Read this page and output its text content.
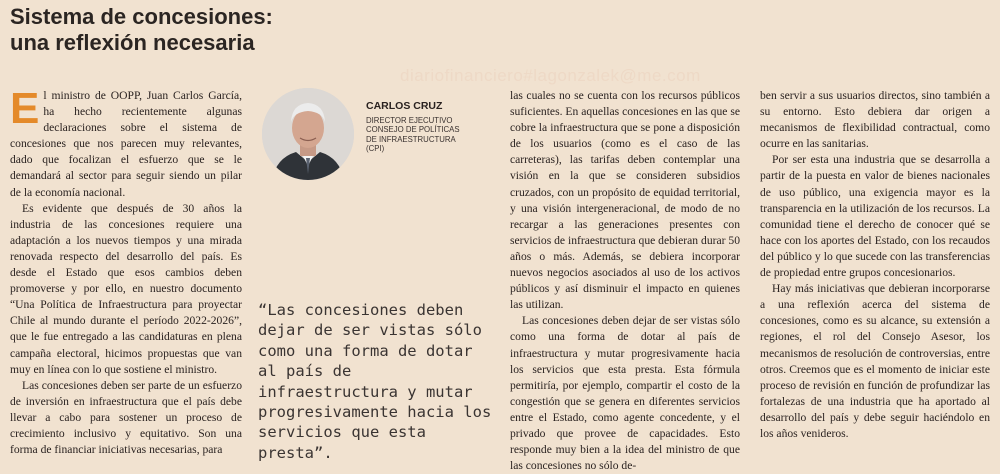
Sistema de concesiones:
una reflexión necesaria
diariofinanciero#lagonzalek@me.com

El ministro de OOPP, Juan Carlos García, ha hecho recientemente algunas declaraciones sobre el sistema de concesiones que nos parecen muy relevantes, dado que focalizan el esfuerzo que se le demandará al sector para seguir siendo un pilar de la economía nacional.

Es evidente que después de 30 años la industria de las concesiones requiere una adaptación a los nuevos tiempos y una mirada renovada respecto del desarrollo del país. Es desde el Estado que esos cambios deben promoverse y por ello, en nuestro documento “Una Política de Infraestructura para proyectar Chile al mundo durante el período 2022-2026”, que le fue entregado a las candidaturas en plena campaña electoral, hicimos propuestas que van muy en línea con lo que sostiene el ministro.

Las concesiones deben ser parte de un esfuerzo de inversión en infraestructura que el país debe llevar a cabo para sostener un proceso de crecimiento inclusivo y equitativo. Son una forma de financiar iniciativas necesarias, para

CARLOS CRUZ

DIRECTOR EJECUTIVO
CONSEJO DE POLÍTICAS
DE INFRAESTRUCTURA
(CPI)

“Las concesiones deben dejar de ser vistas sólo como una forma de dotar al país de infraestructura y mutar progresivamente hacia los servicios que esta presta”.

las cuales no se cuenta con los recursos públicos suficientes. En aquellas concesiones en las que se cobre la infraestructura que se pone a disposición de los usuarios (como es el caso de las carreteras), las tarifas deben contemplar una visión en la que se consideren subsidios cruzados, con un propósito de equidad territorial, y una visión intergeneracional, de modo de no recargar a las generaciones presentes con servicios de infraestructura que debieran durar 50 años o más. Además, se debiera incorporar nuevos negocios asociados al uso de los activos públicos y así disminuir el impacto en quienes las utilizan.

Las concesiones deben dejar de ser vistas sólo como una forma de dotar al país de infraestructura y mutar progresivamente hacia los servicios que esta presta. Esta fórmula permitiría, por ejemplo, compartir el costo de la congestión que se genera en diferentes servicios entre el Estado, como agente concedente, y el privado que provee de capacidades. Esto responde muy bien a la idea del ministro de que las concesiones no sólo de-

ben servir a sus usuarios directos, sino también a su entorno. Esto debiera dar origen a mecanismos de flexibilidad contractual, como ocurre en las sanitarias.

Por ser esta una industria que se desarrolla a partir de la puesta en valor de bienes nacionales de uso público, una exigencia mayor es la transparencia en la utilización de los recursos. La comunidad tiene el derecho de conocer qué se hace con los aportes del Estado, con los recaudos del público y lo que sucede con las transferencias de propiedad entre grupos concesionarios.

Hay más iniciativas que debieran incorporarse a una reflexión acerca del sistema de concesiones, como es su alcance, su extensión a regiones, el rol del Consejo Asesor, los mecanismos de resolución de controversias, entre otros. Creemos que es el momento de iniciar este proceso de revisión en función de profundizar las fortalezas de una industria que ha aportado al desarrollo del país y debe seguir haciéndolo en los años venideros.
